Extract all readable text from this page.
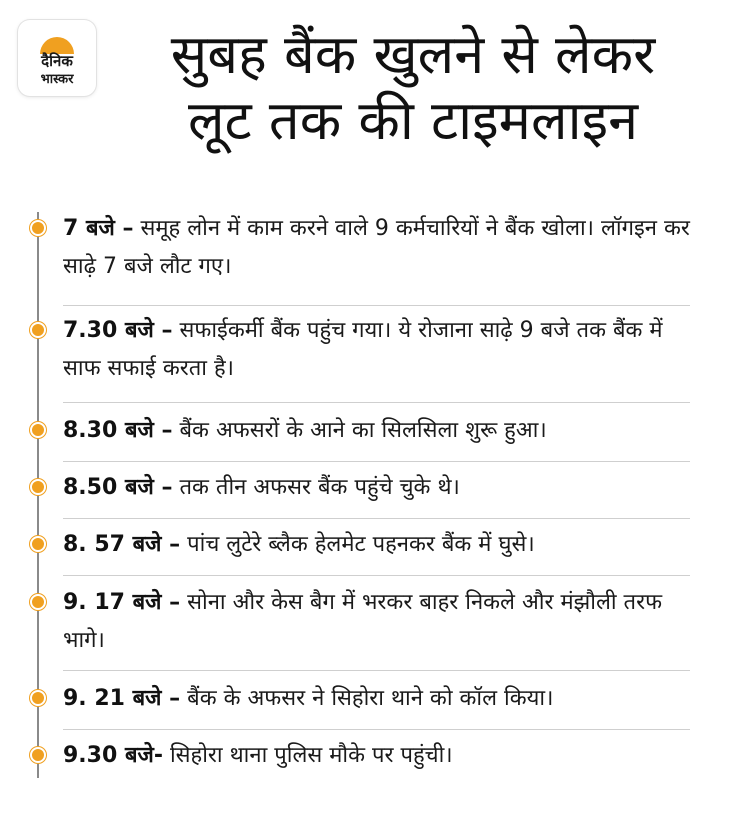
दैनिक
भास्कर	सुबह बैंक खुलने से लेकर
लूट तक की टाइमलाइन
7 बजे – समूह लोन में काम करने वाले 9 कर्मचारियों ने बैंक खोला। लॉगइन कर साढ़े 7 बजे लौट गए।
7.30 बजे – सफाईकर्मी बैंक पहुंच गया। ये रोजाना साढ़े 9 बजे तक बैंक में साफ सफाई करता है।
8.30 बजे – बैंक अफसरों के आने का सिलसिला शुरू हुआ।
8.50 बजे – तक तीन अफसर बैंक पहुंचे चुके थे।
8. 57 बजे – पांच लुटेरे ब्लैक हेलमेट पहनकर बैंक में घुसे।
9. 17 बजे – सोना और केस बैग में भरकर बाहर निकले और मंझौली तरफ भागे।
9. 21 बजे – बैंक के अफसर ने सिहोरा थाने को कॉल किया।
9.30 बजे- सिहोरा थाना पुलिस मौके पर पहुंची।
